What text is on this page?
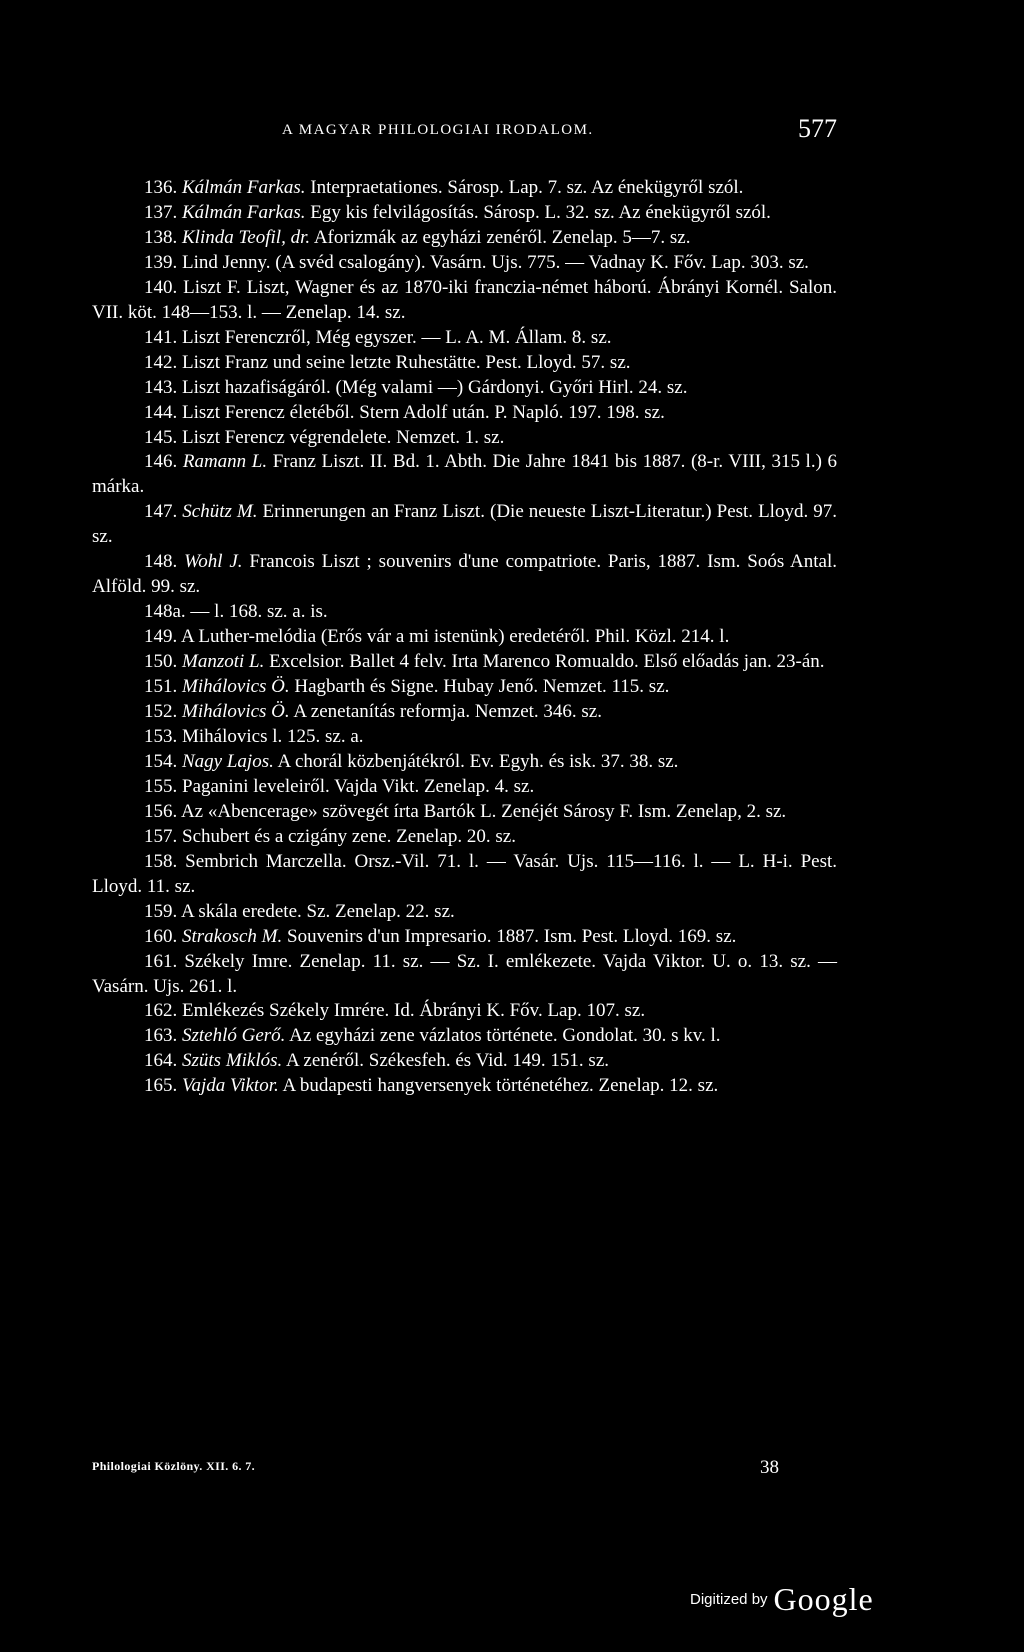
A MAGYAR PHILOLOGIAI IRODALOM.	577

136. Kálmán Farkas. Interpraetationes. Sárosp. Lap. 7. sz. Az énekügyről szól.

137. Kálmán Farkas. Egy kis felvilágosítás. Sárosp. L. 32. sz. Az énekügyről szól.

138. Klinda Teofil, dr. Aforizmák az egyházi zenéről. Zenelap. 5—7. sz.

139. Lind Jenny. (A svéd csalogány). Vasárn. Ujs. 775. — Vadnay K. Főv. Lap. 303. sz.

140. Liszt F. Liszt, Wagner és az 1870-iki franczia-német háború. Ábrányi Kornél. Salon. VII. köt. 148—153. l. — Zenelap. 14. sz.

141. Liszt Ferenczről, Még egyszer. — L. A. M. Állam. 8. sz.

142. Liszt Franz und seine letzte Ruhestätte. Pest. Lloyd. 57. sz.

143. Liszt hazafiságáról. (Még valami —) Gárdonyi. Győri Hirl. 24. sz.

144. Liszt Ferencz életéből. Stern Adolf után. P. Napló. 197. 198. sz.

145. Liszt Ferencz végrendelete. Nemzet. 1. sz.

146. Ramann L. Franz Liszt. II. Bd. 1. Abth. Die Jahre 1841 bis 1887. (8-r. VIII, 315 l.) 6 márka.

147. Schütz M. Erinnerungen an Franz Liszt. (Die neueste Liszt-Literatur.) Pest. Lloyd. 97. sz.

148. Wohl J. Francois Liszt ; souvenirs d'une compatriote. Paris, 1887. Ism. Soós Antal. Alföld. 99. sz.

148a. — l. 168. sz. a. is.

149. A Luther-melódia (Erős vár a mi istenünk) eredetéről. Phil. Közl. 214. l.

150. Manzoti L. Excelsior. Ballet 4 felv. Irta Marenco Romualdo. Első előadás jan. 23-án.

151. Mihálovics Ö. Hagbarth és Signe. Hubay Jenő. Nemzet. 115. sz.

152. Mihálovics Ö. A zenetanítás reformja. Nemzet. 346. sz.

153. Mihálovics l. 125. sz. a.

154. Nagy Lajos. A chorál közbenjátékról. Ev. Egyh. és isk. 37. 38. sz.

155. Paganini leveleiről. Vajda Vikt. Zenelap. 4. sz.

156. Az «Abencerage» szövegét írta Bartók L. Zenéjét Sárosy F. Ism. Zenelap, 2. sz.

157. Schubert és a czigány zene. Zenelap. 20. sz.

158. Sembrich Marczella. Orsz.-Vil. 71. l. — Vasár. Ujs. 115—116. l. — L. H-i. Pest. Lloyd. 11. sz.

159. A skála eredete. Sz. Zenelap. 22. sz.

160. Strakosch M. Souvenirs d'un Impresario. 1887. Ism. Pest. Lloyd. 169. sz.

161. Székely Imre. Zenelap. 11. sz. — Sz. I. emlékezete. Vajda Viktor. U. o. 13. sz. — Vasárn. Ujs. 261. l.

162. Emlékezés Székely Imrére. Id. Ábrányi K. Főv. Lap. 107. sz.

163. Sztehló Gerő. Az egyházi zene vázlatos története. Gondolat. 30. s kv. l.

164. Szüts Miklós. A zenéről. Székesfeh. és Vid. 149. 151. sz.

165. Vajda Viktor. A budapesti hangversenyek történetéhez. Zenelap. 12. sz.

Philologiai Közlöny. XII. 6. 7.	38
Digitized by Google
